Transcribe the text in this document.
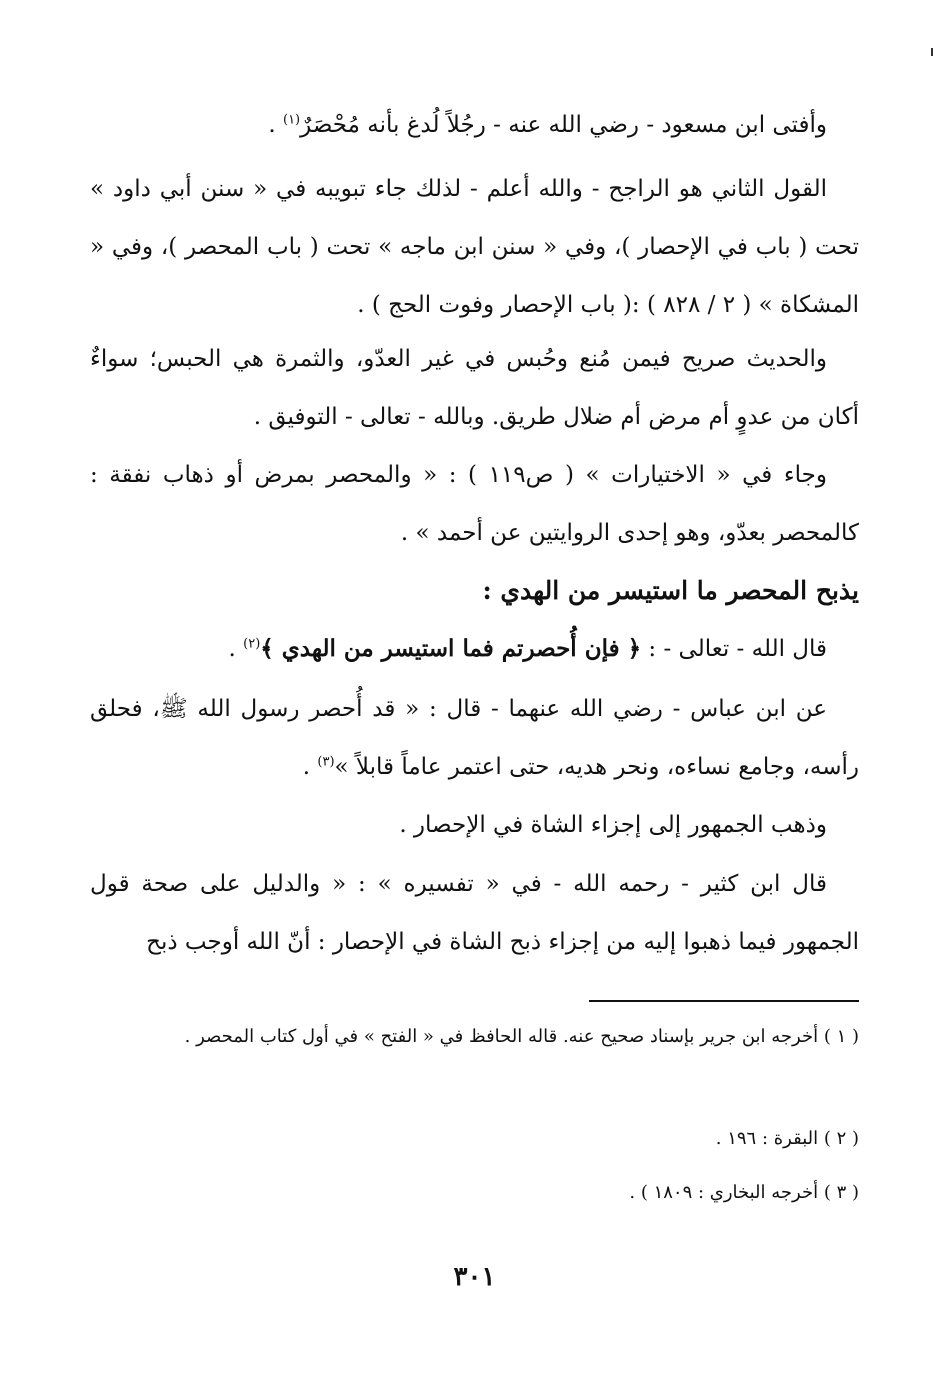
وأفتى ابن مسعود - رضي الله عنه - رجُلاً لُدغ بأنه مُحْصَرٌ$^{(١)}$ .
القول الثاني هو الراجح - والله أعلم - لذلك جاء تبويبه في « سنن أبي داود » تحت ( باب في الإحصار )، وفي « سنن ابن ماجه » تحت ( باب المحصر )، وفي « المشكاة » ( ٢ / ٨٢٨ ) :( باب الإحصار وفوت الحج ) .
والحديث صريح فيمن مُنع وحُبس في غير العدّو، والثمرة هي الحبس؛ سواءٌ أكان من عدوٍ أم مرض أم ضلال طريق. وبالله - تعالى - التوفيق .
وجاء في « الاختيارات » ( ص١١٩ ) : « والمحصر بمرض أو ذهاب نفقة : كالمحصر بعدّو، وهو إحدى الروايتين عن أحمد » .
يذبح المحصر ما استيسر من الهدي :
قال الله - تعالى - : ﴿ فإن أُحصرتم فما استيسر من الهدي ﴾$^{(٢)}$ .
عن ابن عباس - رضي الله عنهما - قال : « قد أُحصر رسول الله ﷺ، فحلق رأسه، وجامع نساءه، ونحر هديه، حتى اعتمر عاماً قابلاً »$^{(٣)}$ .
وذهب الجمهور إلى إجزاء الشاة في الإحصار .
قال ابن كثير - رحمه الله - في « تفسيره » : « والدليل على صحة قول الجمهور فيما ذهبوا إليه من إجزاء ذبح الشاة في الإحصار : أنّ الله أوجب ذبح
( ١ ) أخرجه ابن جرير بإسناد صحيح عنه. قاله الحافظ في « الفتح » في أول كتاب المحصر .
( ٢ ) البقرة : ١٩٦ .
( ٣ ) أخرجه البخاري : ١٨٠٩ ) .
٣٠١
